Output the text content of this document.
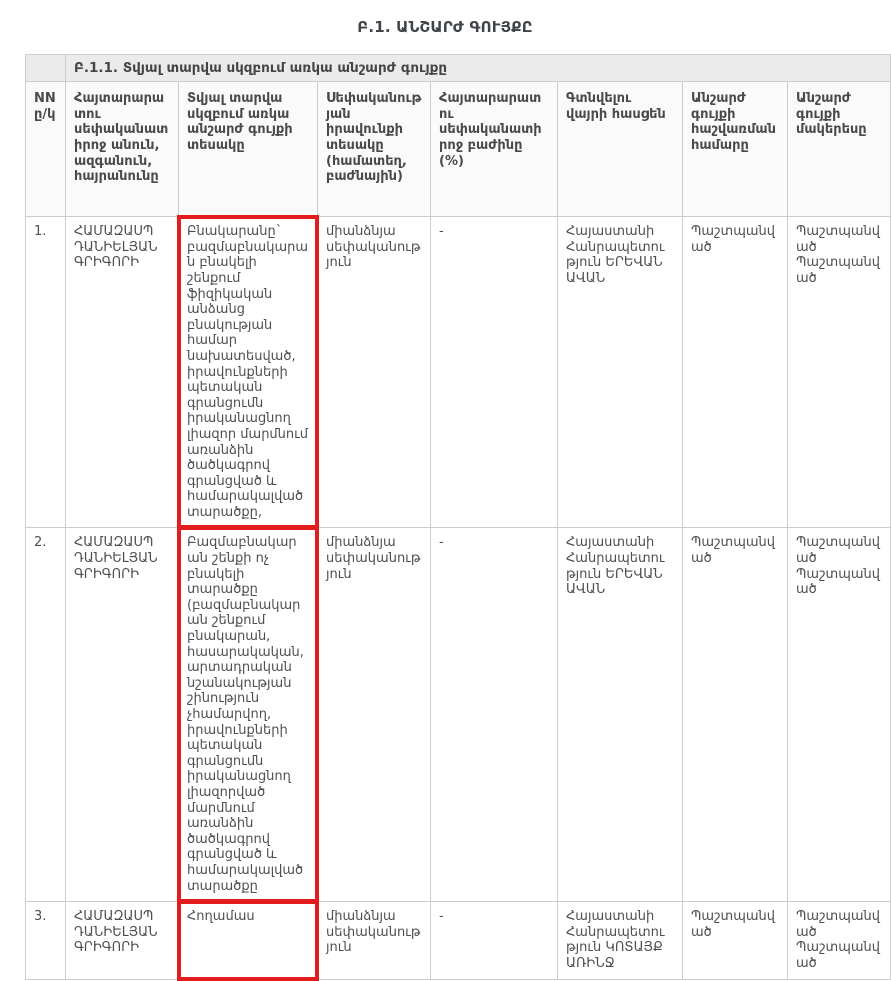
Բ.1. ԱՆՇԱՐԺ ԳՈՒՅՔԸ
	Բ.1.1. Տվյալ տարվա սկզբում առկա անշարժ գույքը						
NN ը/կ	Հայտարարատու սեփականատիրոջ անուն, ազգանուն, հայրանունը	Տվյալ տարվա սկզբում առկա անշարժ գույքի տեսակը	Սեփականության իրավունքի տեսակը (համատեղ, բաժնային)	Հայտարարատու սեփականատիրոջ բաժինը (%)	Գտնվելու վայրի հասցեն	Անշարժ գույքի հաշվառման համարը	Անշարժ գույքի մակերեսը
1.	ՀԱՄԱԶԱՍՊ ԴԱՆԻԵԼՅԱՆ ԳՐԻԳՈՐԻ	Բնակարանը` բազմաբնակարան բնակելի շենքում ֆիզիկական անձանց բնակության համար նախատեսված, իրավունքների պետական գրանցումն իրականացնող լիազոր մարմնում առանձին ծածկագրով գրանցված և համարակալված տարածքը,	միանձնյա սեփականություն	-	Հայաստանի Հանրապետություն ԵՐԵՎԱՆ ԱՎԱՆ	Պաշտպանված	Պաշտպանված Պաշտպանված
2.	ՀԱՄԱԶԱՍՊ ԴԱՆԻԵԼՅԱՆ ԳՐԻԳՈՐԻ	Բազմաբնակարան շենքի ոչ բնակելի տարածքը (բազմաբնակարան շենքում բնակարան, հասարակական, արտադրական նշանակության շինություն չհամարվող, իրավունքների պետական գրանցումն իրականացնող լիազորված մարմնում առանձին ծածկագրով գրանցված և համարակալված տարածքը	միանձնյա սեփականություն	-	Հայաստանի Հանրապետություն ԵՐԵՎԱՆ ԱՎԱՆ	Պաշտպանված	Պաշտպանված Պաշտպանված
3.	ՀԱՄԱԶԱՍՊ ԴԱՆԻԵԼՅԱՆ ԳՐԻԳՈՐԻ	Հողամաս	միանձնյա սեփականություն	-	Հայաստանի Հանրապետություն ԿՈՏԱՅՔ ԱՌԻՆՋ	Պաշտպանված	Պաշտպանված Պաշտպանված
